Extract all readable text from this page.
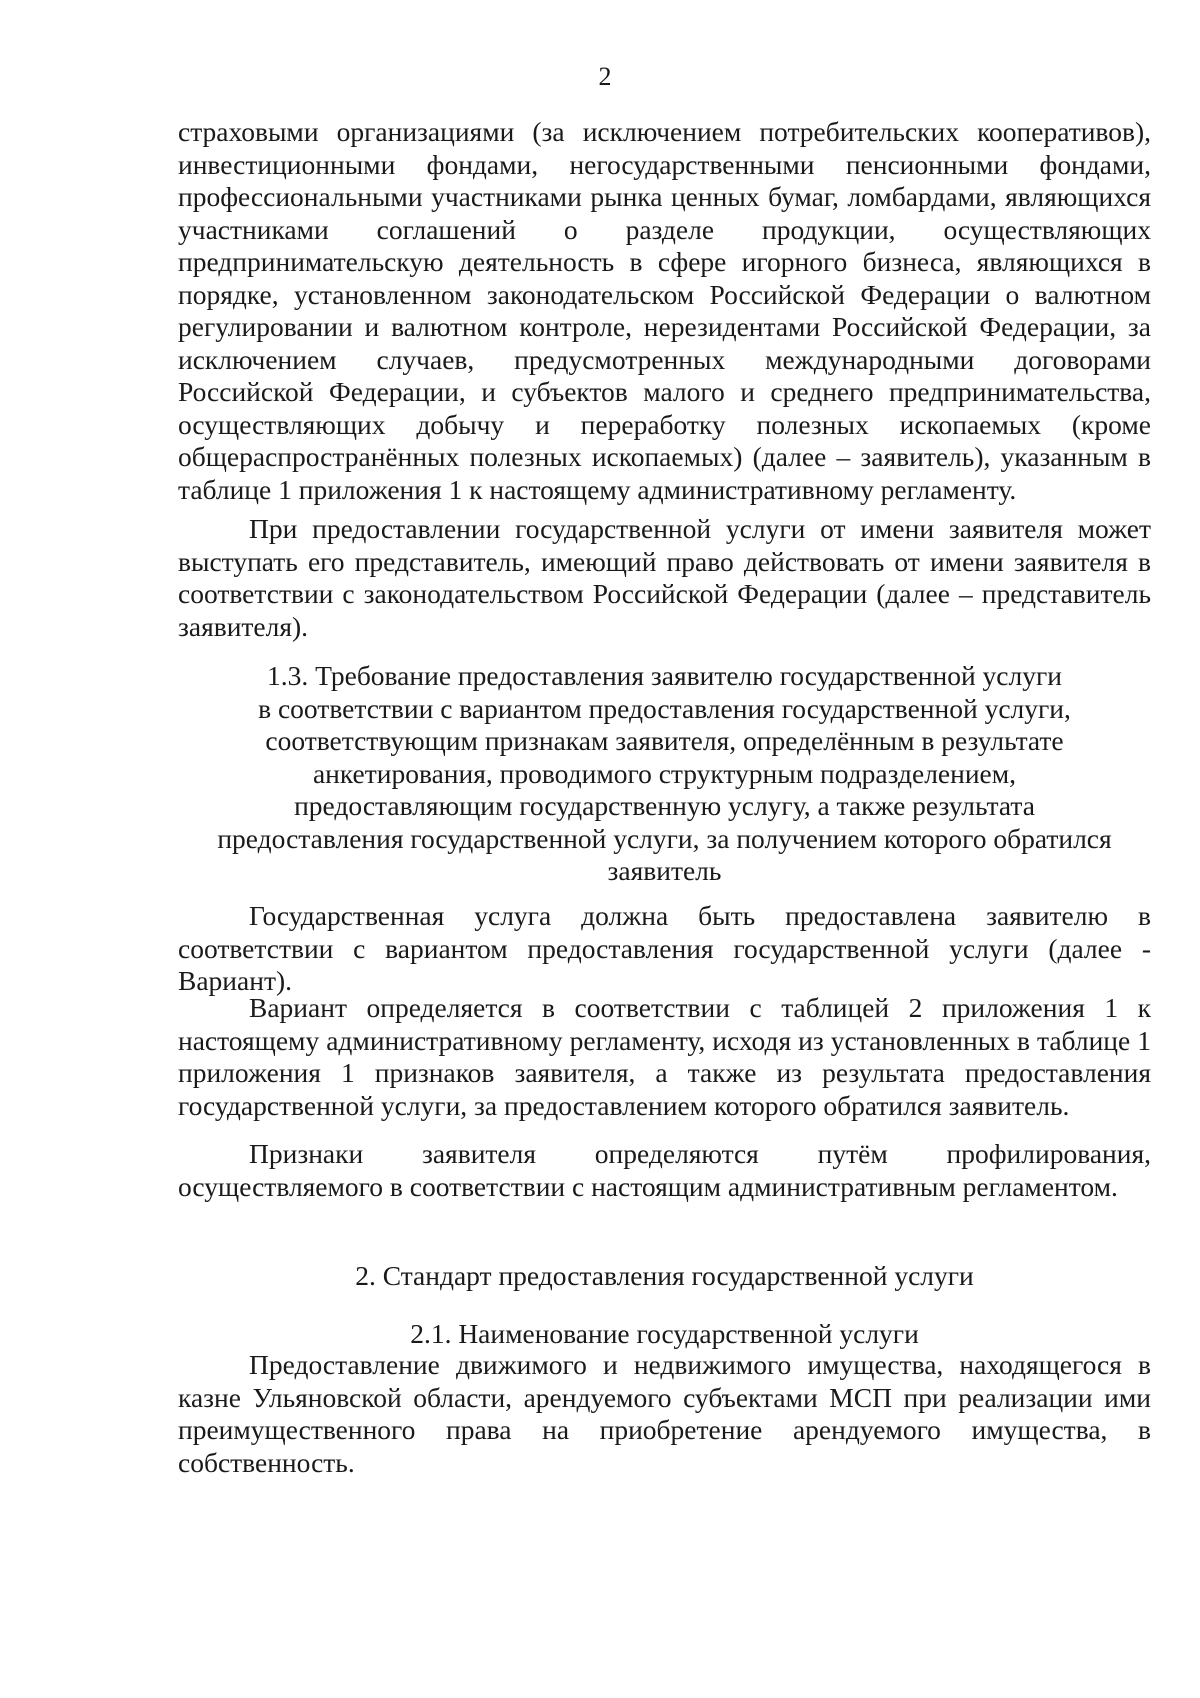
2

страховыми организациями (за исключением потребительских кооперативов), инвестиционными фондами, негосударственными пенсионными фондами, профессиональными участниками рынка ценных бумаг, ломбардами, являющихся участниками соглашений о разделе продукции, осуществляющих предпринимательскую деятельность в сфере игорного бизнеса, являющихся в порядке, установленном законодательском Российской Федерации о валютном регулировании и валютном контроле, нерезидентами Российской Федерации, за исключением случаев, предусмотренных международными договорами Российской Федерации, и субъектов малого и среднего предпринимательства, осуществляющих добычу и переработку полезных ископаемых (кроме общераспространённых полезных ископаемых) (далее – заявитель), указанным в таблице 1 приложения 1 к настоящему административному регламенту.

При предоставлении государственной услуги от имени заявителя может выступать его представитель, имеющий право действовать от имени заявителя в соответствии с законодательством Российской Федерации (далее – представитель заявителя).

1.3. Требование предоставления заявителю государственной услуги
в соответствии с вариантом предоставления государственной услуги,
соответствующим признакам заявителя, определённым в результате
анкетирования, проводимого структурным подразделением,
предоставляющим государственную услугу, а также результата
предоставления государственной услуги, за получением которого обратился
заявитель

Государственная услуга должна быть предоставлена заявителю в соответствии с вариантом предоставления государственной услуги (далее - Вариант).

Вариант определяется в соответствии с таблицей 2 приложения 1 к настоящему административному регламенту, исходя из установленных в таблице 1 приложения 1 признаков заявителя, а также из результата предоставления государственной услуги, за предоставлением которого обратился заявитель.

Признаки заявителя определяются путём профилирования, осуществляемого в соответствии с настоящим административным регламентом.

2. Стандарт предоставления государственной услуги
2.1. Наименование государственной услуги

Предоставление движимого и недвижимого имущества, находящегося в казне Ульяновской области, арендуемого субъектами МСП при реализации ими преимущественного права на приобретение арендуемого имущества, в собственность.
